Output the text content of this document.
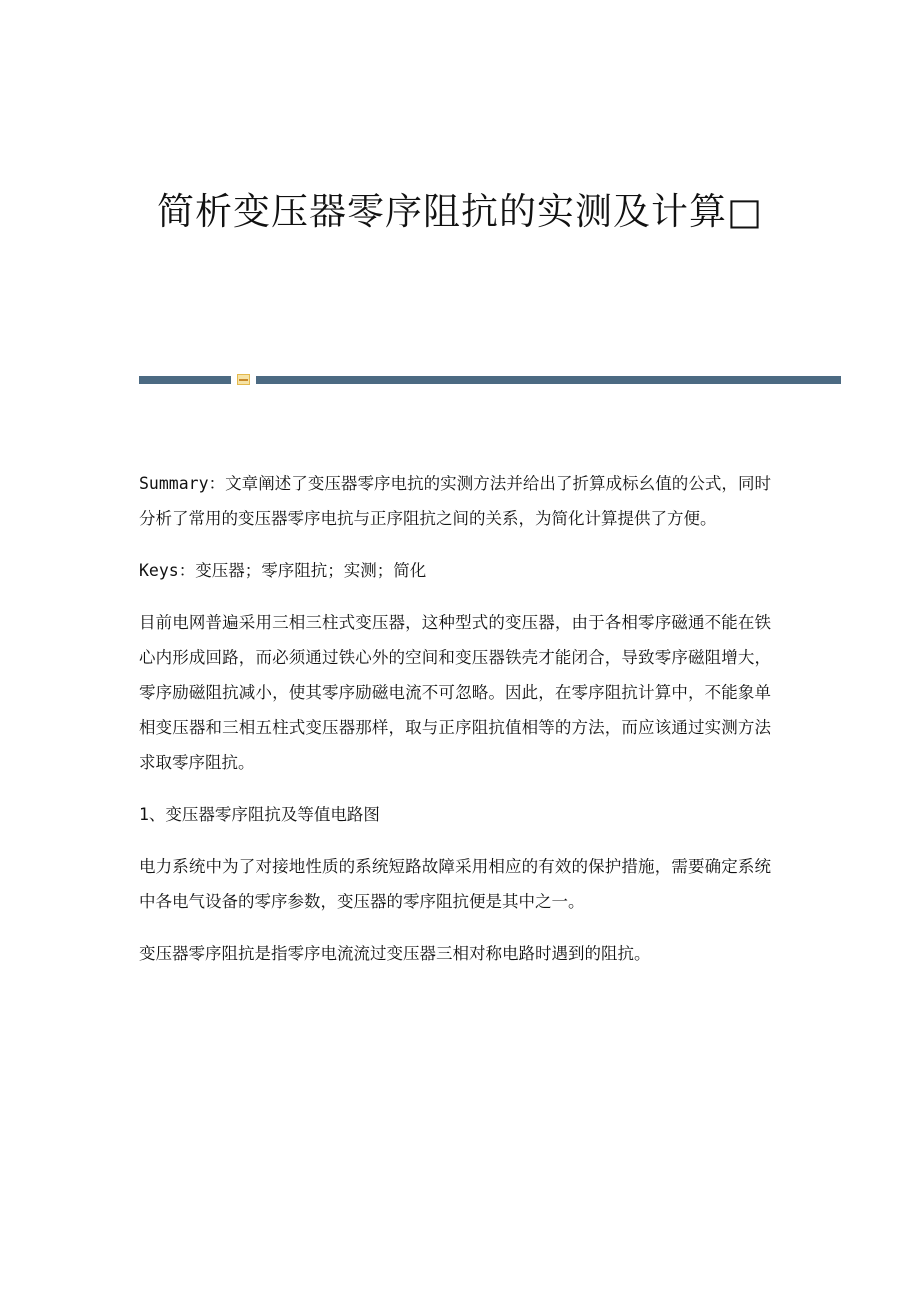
简析变压器零序阻抗的实测及计算□

Summary：文章阐述了变压器零序电抗的实测方法并给出了折算成标幺值的公式，同时分析了常用的变压器零序电抗与正序阻抗之间的关系，为简化计算提供了方便。

Keys：变压器；零序阻抗；实测；简化

目前电网普遍采用三相三柱式变压器，这种型式的变压器，由于各相零序磁通不能在铁心内形成回路，而必须通过铁心外的空间和变压器铁壳才能闭合，导致零序磁阻增大，零序励磁阻抗减小，使其零序励磁电流不可忽略。因此，在零序阻抗计算中，不能象单相变压器和三相五柱式变压器那样，取与正序阻抗值相等的方法，而应该通过实测方法求取零序阻抗。

1、变压器零序阻抗及等值电路图

电力系统中为了对接地性质的系统短路故障采用相应的有效的保护措施，需要确定系统中各电气设备的零序参数，变压器的零序阻抗便是其中之一。

变压器零序阻抗是指零序电流流过变压器三相对称电路时遇到的阻抗。
